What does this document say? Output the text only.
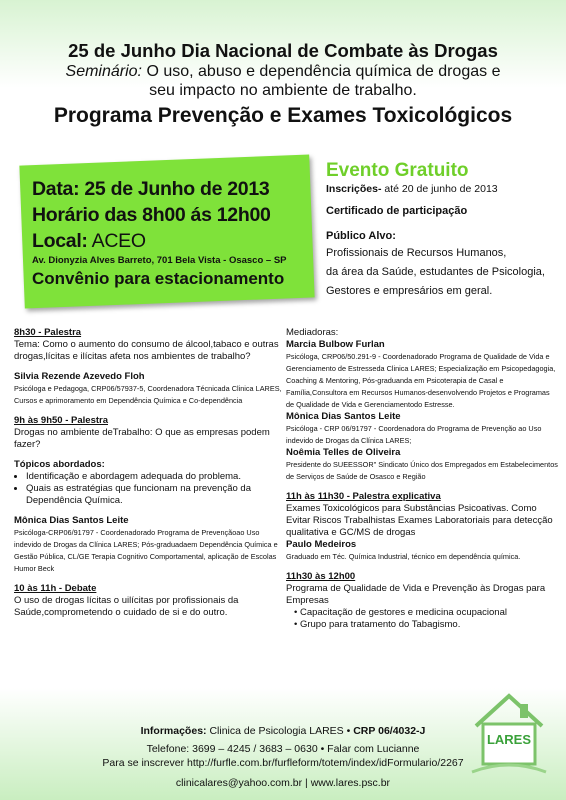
25 de Junho Dia Nacional de Combate às Drogas
Seminário: O uso, abuso e dependência química de drogas e
seu impacto no ambiente de trabalho.
Programa Prevenção e Exames Toxicológicos
Data: 25 de Junho de 2013
Horário das 8h00 ás 12h00
Local: ACEO
Av. Dionyzia Alves Barreto, 701 Bela Vista - Osasco – SP
Convênio para estacionamento
Evento Gratuito
Inscrições- até 20 de junho de 2013
Certificado de participação
Público Alvo:
Profissionais de Recursos Humanos,
da área da Saúde, estudantes de Psicologia,
Gestores e empresários em geral.
8h30 - Palestra
Tema: Como o aumento do consumo de álcool,tabaco e outras drogas,lícitas e ilícitas afeta nos ambientes de trabalho?
Silvia Rezende Azevedo Floh
Psicóloga e Pedagoga, CRP06/57937-5, Coordenadora Técnicada Clinica LARES, Cursos e aprimoramento em Dependência Química e Co-dependência
9h às 9h50 - Palestra
Drogas no ambiente deTrabalho: O que as empresas podem fazer?
Tópicos abordados:
• Identificação e abordagem adequada do problema.
• Quais as estratégias que funcionam na prevenção da Dependência Química.
Mônica Dias Santos Leite
Psicóloga-CRP06/91797 - Coordenadorado Programa de Prevençãoao Uso indevido de Drogas da Clínica LARES; Pós-graduadaem Dependência Química e Gestão Pública, CL/GE Terapia Cognitivo Comportamental, aplicação de Escolas Humor Beck
10 às 11h - Debate
O uso de drogas lícitas o uilícitas por profissionais da Saúde,comprometendo o cuidado de si e do outro.
Mediadoras:
Marcia Bulbow Furlan
Psicóloga, CRP06/50.291-9 - Coordenadorado Programa de Qualidade de Vida e Gerenciamento de Estresseda Clinica LARES; Especialização em Psicopedagogia, Coaching & Mentoring, Pós-graduanda em Psicoterapia de Casal e Família,Consultora em Recursos Humanos-desenvolvendo Projetos e Programas de Qualidade de Vida e Gerenciamentodo Estresse.
Mônica Dias Santos Leite
Psicóloga - CRP 06/91797 - Coordenadora do Programa de Prevenção ao Uso indevido de Drogas da Clínica LARES;
Noêmia Telles de Oliveira
Presidente do SUEESSOR" Sindicato Único dos Empregados em Estabelecimentos de Serviços de Saúde de Osasco e Região
11h às 11h30 - Palestra explicativa
Exames Toxicológicos para Substâncias Psicoativas. Como Evitar Riscos Trabalhistas Exames Laboratoriais para detecção qualitativa e GC/MS de drogas
Paulo Medeiros
Graduado em Téc. Química Industrial, técnico em dependência química.
11h30 às 12h00
Programa de Qualidade de Vida e Prevenção às Drogas para Empresas
• Capacitação de gestores e medicina ocupacional
• Grupo para tratamento do Tabagismo.
Informações: Clinica de Psicologia LARES • CRP 06/4032-J
Telefone: 3699 – 4245 / 3683 – 0630 • Falar com Lucianne
Para se inscrever http://furfle.com.br/furfleform/totem/index/idFormulario/2267
clinicalares@yahoo.com.br | www.lares.psc.br
LARES
